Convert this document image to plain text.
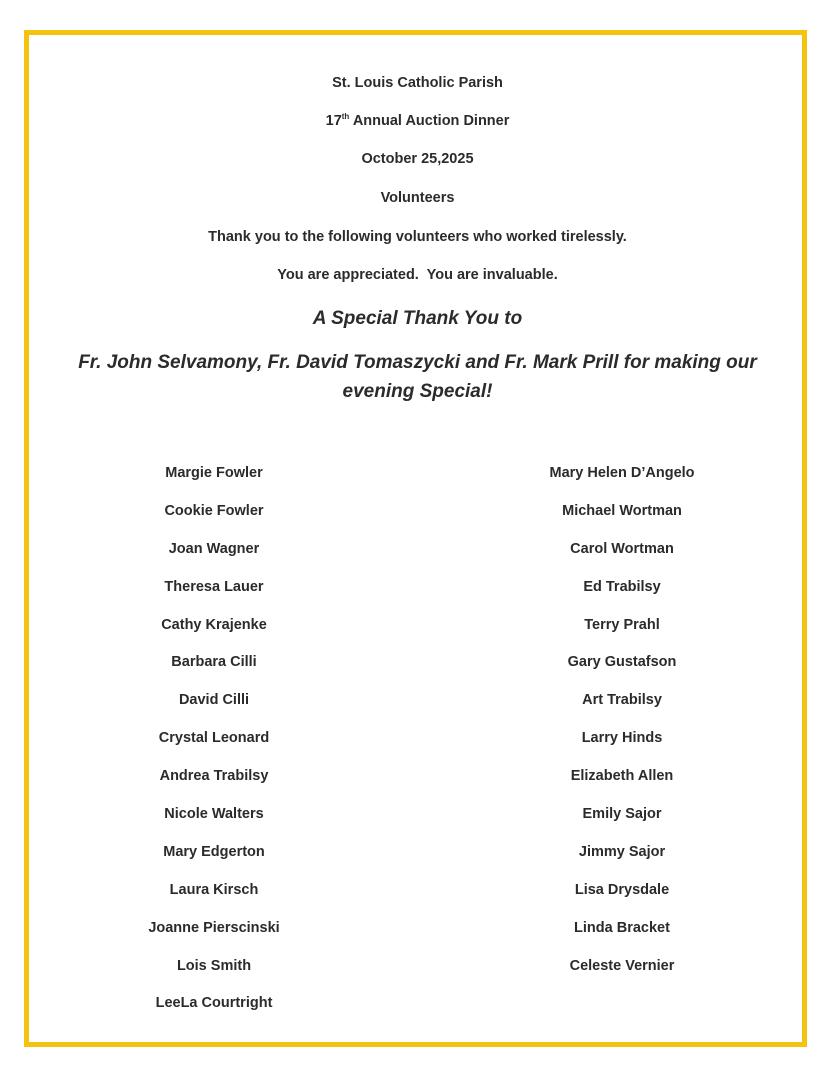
St. Louis Catholic Parish
17th Annual Auction Dinner
October 25,2025
Volunteers
Thank you to the following volunteers who worked tirelessly.
You are appreciated.  You are invaluable.
A Special Thank You to
Fr. John Selvamony, Fr. David Tomaszycki and Fr. Mark Prill for making our evening Special!
Margie Fowler
Cookie Fowler
Joan Wagner
Theresa Lauer
Cathy Krajenke
Barbara Cilli
David Cilli
Crystal Leonard
Andrea Trabilsy
Nicole Walters
Mary Edgerton
Laura Kirsch
Joanne Pierscinski
Lois Smith
LeeLa Courtright
Mary Helen D’Angelo
Michael Wortman
Carol Wortman
Ed Trabilsy
Terry Prahl
Gary Gustafson
Art Trabilsy
Larry Hinds
Elizabeth Allen
Emily Sajor
Jimmy Sajor
Lisa Drysdale
Linda Bracket
Celeste Vernier
